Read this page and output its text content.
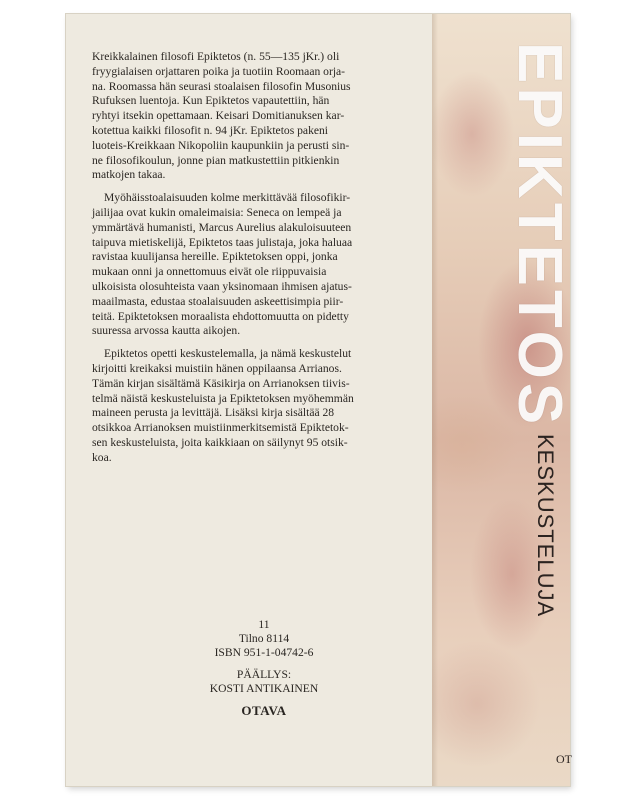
Kreikkalainen filosofi Epiktetos (n. 55—135 jKr.) oli
fryygialaisen orjattaren poika ja tuotiin Roomaan orja-
na. Roomassa hän seurasi stoalaisen filosofin Musonius
Rufuksen luentoja. Kun Epiktetos vapautettiin, hän
ryhtyi itsekin opettamaan. Keisari Domitianuksen kar-
kotettua kaikki filosofit n. 94 jKr. Epiktetos pakeni
luoteis-Kreikkaan Nikopoliin kaupunkiin ja perusti sin-
ne filosofikoulun, jonne pian matkustettiin pitkienkin
matkojen takaa.
Myöhäisstoalaisuuden kolme merkittävää filosofikir-
jailijaa ovat kukin omaleimaisia: Seneca on lempeä ja
ymmärtävä humanisti, Marcus Aurelius alakuloisuuteen
taipuva mietiskelijä, Epiktetos taas julistaja, joka haluaa
ravistaa kuulijansa hereille. Epiktetoksen oppi, jonka
mukaan onni ja onnettomuus eivät ole riippuvaisia
ulkoisista olosuhteista vaan yksinomaan ihmisen ajatus-
maailmasta, edustaa stoalaisuuden askeettisimpia piir-
teitä. Epiktetoksen moraalista ehdottomuutta on pidetty
suuressa arvossa kautta aikojen.
Epiktetos opetti keskustelemalla, ja nämä keskustelut
kirjoitti kreikaksi muistiin hänen oppilaansa Arrianos.
Tämän kirjan sisältämä Käsikirja on Arrianoksen tiivis-
telmä näistä keskusteluista ja Epiktetoksen myöhemmän
maineen perusta ja levittäjä. Lisäksi kirja sisältää 28
otsikkoa Arrianoksen muistiinmerkitsemistä Epiktetok-
sen keskusteluista, joita kaikkiaan on säilynyt 95 otsik-
koa.
11
Tilno 8114
ISBN 951-1-04742-6
PÄÄLLYS:
KOSTI ANTIKAINEN
OTAVA
EPIKTETOS
KESKUSTELUJA
OT
